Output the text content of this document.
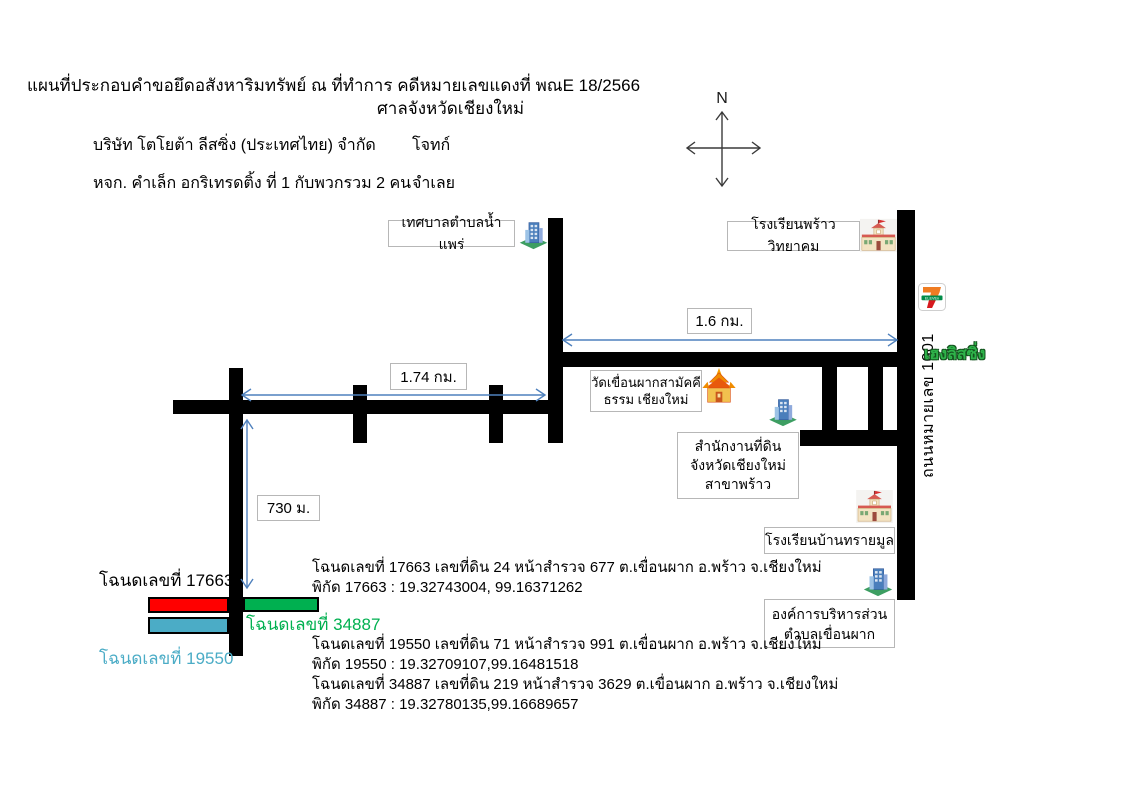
แผนที่ประกอบคำขอยึดอสังหาริมทรัพย์ ณ ที่ทำการ คดีหมายเลขแดงที่ พณE 18/2566
ศาลจังหวัดเชียงใหม่
บริษัท โตโยต้า ลีสซิ่ง (ประเทศไทย) จำกัด โจทก์
หจก. คำเล็ก อกริเทรดติ้ง ที่ 1 กับพวกรวม 2 คน จำเลย
N
ถนนหมายเลข 1001
1.6 กม.
1.74 กม.
730 ม.
เทศบาลตำบลน้ำแพร่
โรงเรียนพร้าววิทยาคม
วัดเขื่อนผากสามัคคี
ธรรม เชียงใหม่
สำนักงานที่ดิน
จังหวัดเชียงใหม่
สาขาพร้าว
โรงเรียนบ้านทรายมูล
องค์การบริหารส่วน
ตำบลเขื่อนผาก
ELEVEn
เฮงลิสซิ่ง
โฉนดเลขที่ 17663
โฉนดเลขที่ 34887
โฉนดเลขที่ 19550
โฉนดเลขที่ 17663 เลขที่ดิน 24 หน้าสำรวจ 677 ต.เขื่อนผาก อ.พร้าว จ.เชียงใหม่
พิกัด 17663 : 19.32743004, 99.16371262
โฉนดเลขที่ 19550 เลขที่ดิน 71 หน้าสำรวจ 991 ต.เขื่อนผาก อ.พร้าว จ.เชียงใหม่
พิกัด 19550 : 19.32709107,99.16481518
โฉนดเลขที่ 34887 เลขที่ดิน 219 หน้าสำรวจ 3629 ต.เขื่อนผาก อ.พร้าว จ.เชียงใหม่
พิกัด 34887 : 19.32780135,99.16689657
